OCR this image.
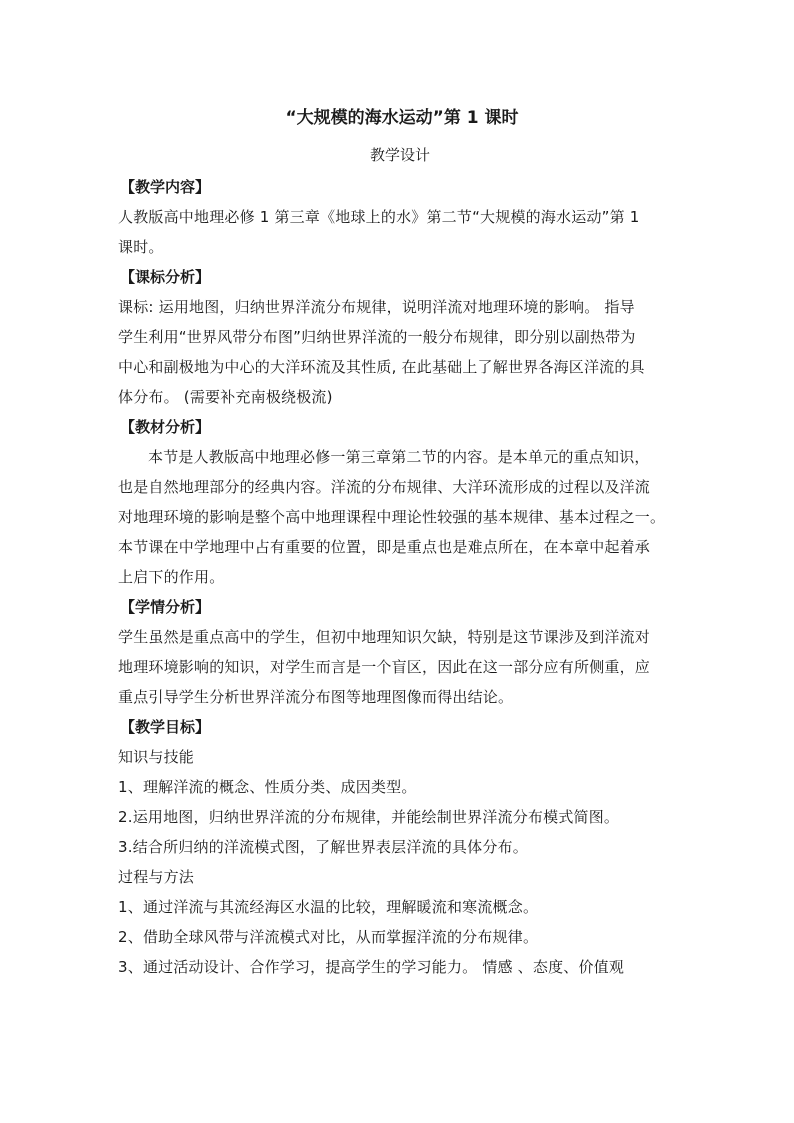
“大规模的海水运动”第 1 课时
教学设计
【教学内容】
人教版高中地理必修 1 第三章《地球上的水》第二节“大规模的海水运动”第 1
课时。
【课标分析】
课标: 运用地图，归纳世界洋流分布规律，说明洋流对地理环境的影响。 指导
学生利用“世界风带分布图”归纳世界洋流的一般分布规律，即分别以副热带为
中心和副极地为中心的大洋环流及其性质, 在此基础上了解世界各海区洋流的具
体分布。 (需要补充南极绕极流)
【教材分析】
本节是人教版高中地理必修一第三章第二节的内容。是本单元的重点知识，
也是自然地理部分的经典内容。洋流的分布规律、大洋环流形成的过程以及洋流
对地理环境的影响是整个高中地理课程中理论性较强的基本规律、基本过程之一。
本节课在中学地理中占有重要的位置，即是重点也是难点所在，在本章中起着承
上启下的作用。
【学情分析】
学生虽然是重点高中的学生，但初中地理知识欠缺，特别是这节课涉及到洋流对
地理环境影响的知识，对学生而言是一个盲区，因此在这一部分应有所侧重，应
重点引导学生分析世界洋流分布图等地理图像而得出结论。
【教学目标】
知识与技能
1、理解洋流的概念、性质分类、成因类型。
2.运用地图，归纳世界洋流的分布规律，并能绘制世界洋流分布模式简图。
3.结合所归纳的洋流模式图，了解世界表层洋流的具体分布。
过程与方法
1、通过洋流与其流经海区水温的比较，理解暖流和寒流概念。
2、借助全球风带与洋流模式对比，从而掌握洋流的分布规律。
3、通过活动设计、合作学习，提高学生的学习能力。 情感 、态度、价值观
